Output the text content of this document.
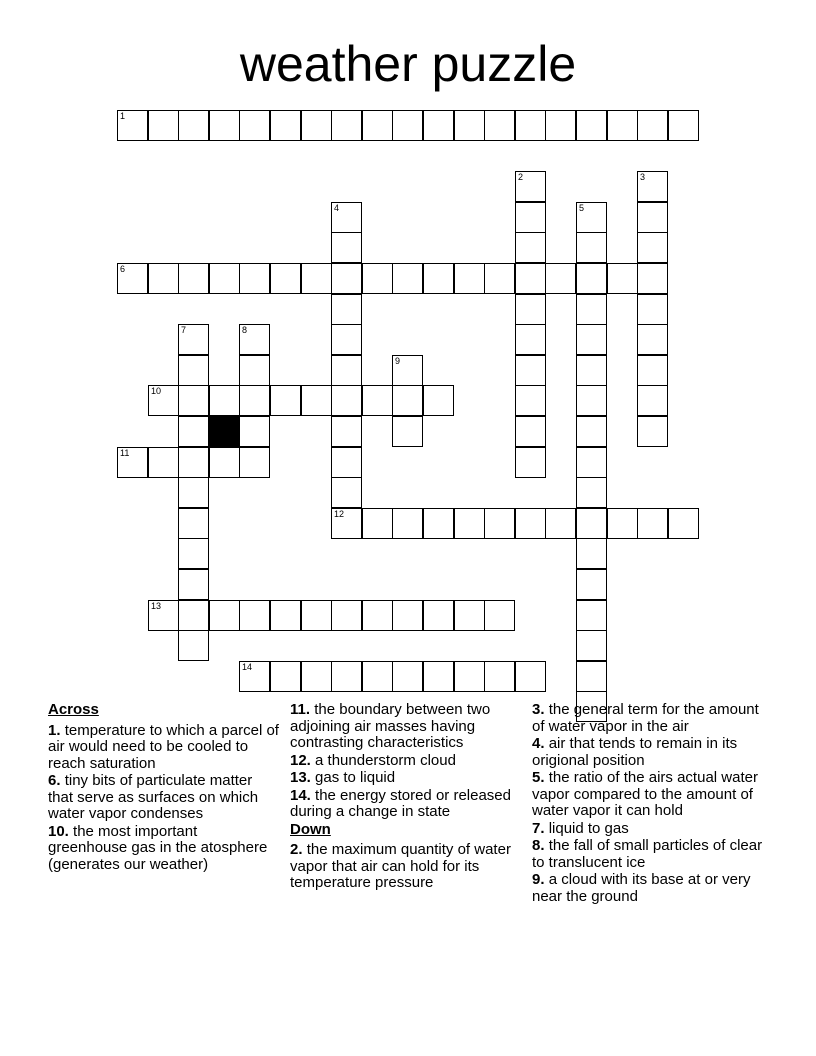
weather puzzle
1
2	3
4	5
6
7	8
9
10
11
12
13
14
Across
1. temperature to which a parcel of air would need to be cooled to reach saturation
6. tiny bits of particulate matter that serve as surfaces on which water vapor condenses
10. the most important greenhouse gas in the atosphere (generates our weather)
11. the boundary between two adjoining air masses having contrasting characteristics
12. a thunderstorm cloud
13. gas to liquid
14. the energy stored or released during a change in state
Down
2. the maximum quantity of water vapor that air can hold for its temperature pressure
3. the general term for the amount of water vapor in the air
4. air that tends to remain in its origional position
5. the ratio of the airs actual water vapor compared to the amount of water vapor it can hold
7. liquid to gas
8. the fall of small particles of clear to translucent ice
9. a cloud with its base at or very near the ground
